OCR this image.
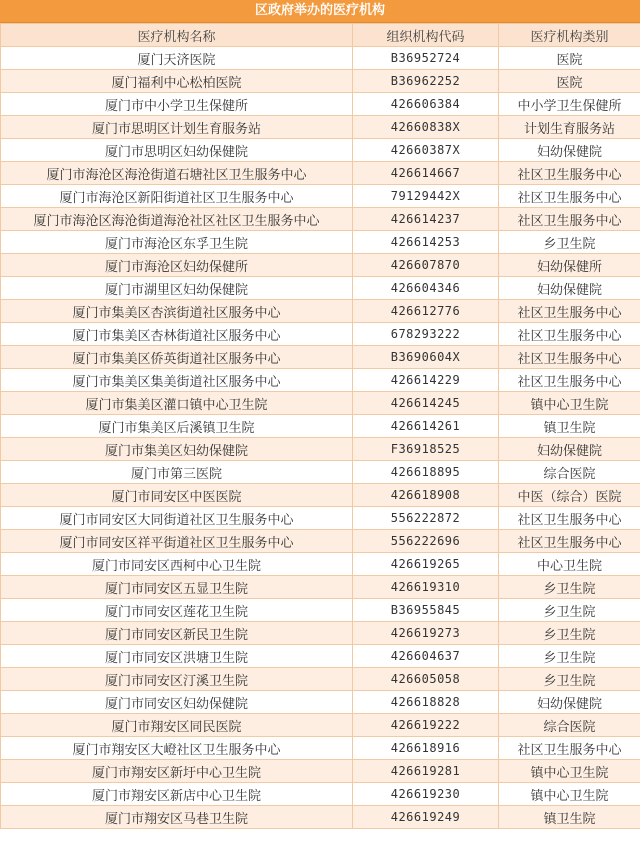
区政府举办的医疗机构
医疗机构名称	组织机构代码	医疗机构类别
厦门天济医院	B36952724	医院
厦门福利中心松柏医院	B36962252	医院
厦门市中小学卫生保健所	426606384	中小学卫生保健所
厦门市思明区计划生育服务站	42660838X	计划生育服务站
厦门市思明区妇幼保健院	42660387X	妇幼保健院
厦门市海沧区海沧街道石塘社区卫生服务中心	426614667	社区卫生服务中心
厦门市海沧区新阳街道社区卫生服务中心	79129442X	社区卫生服务中心
厦门市海沧区海沧街道海沧社区社区卫生服务中心	426614237	社区卫生服务中心
厦门市海沧区东孚卫生院	426614253	乡卫生院
厦门市海沧区妇幼保健所	426607870	妇幼保健所
厦门市湖里区妇幼保健院	426604346	妇幼保健院
厦门市集美区杏滨街道社区服务中心	426612776	社区卫生服务中心
厦门市集美区杏林街道社区服务中心	678293222	社区卫生服务中心
厦门市集美区侨英街道社区服务中心	B3690604X	社区卫生服务中心
厦门市集美区集美街道社区服务中心	426614229	社区卫生服务中心
厦门市集美区灌口镇中心卫生院	426614245	镇中心卫生院
厦门市集美区后溪镇卫生院	426614261	镇卫生院
厦门市集美区妇幼保健院	F36918525	妇幼保健院
厦门市第三医院	426618895	综合医院
厦门市同安区中医医院	426618908	中医（综合）医院
厦门市同安区大同街道社区卫生服务中心	556222872	社区卫生服务中心
厦门市同安区祥平街道社区卫生服务中心	556222696	社区卫生服务中心
厦门市同安区西柯中心卫生院	426619265	中心卫生院
厦门市同安区五显卫生院	426619310	乡卫生院
厦门市同安区莲花卫生院	B36955845	乡卫生院
厦门市同安区新民卫生院	426619273	乡卫生院
厦门市同安区洪塘卫生院	426604637	乡卫生院
厦门市同安区汀溪卫生院	426605058	乡卫生院
厦门市同安区妇幼保健院	426618828	妇幼保健院
厦门市翔安区同民医院	426619222	综合医院
厦门市翔安区大嶝社区卫生服务中心	426618916	社区卫生服务中心
厦门市翔安区新圩中心卫生院	426619281	镇中心卫生院
厦门市翔安区新店中心卫生院	426619230	镇中心卫生院
厦门市翔安区马巷卫生院	426619249	镇卫生院
